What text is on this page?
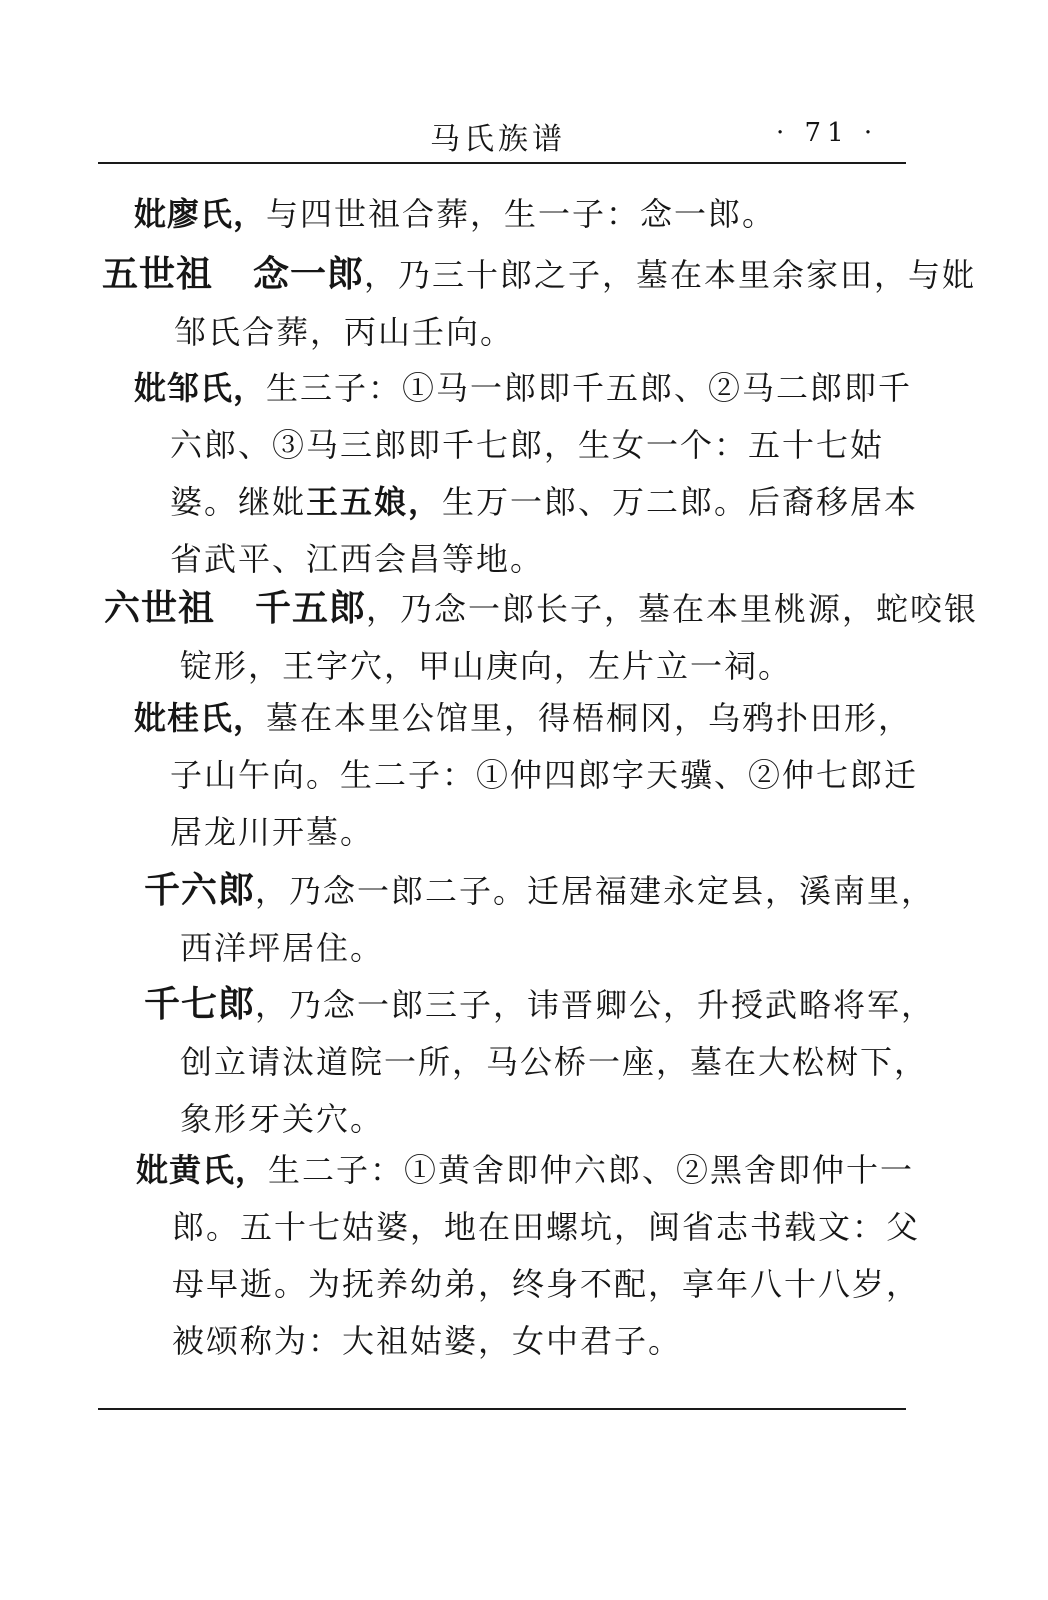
马氏族谱	· 71 ·

妣廖氏，与四世祖合葬，生一子：念一郎。

五世祖 念一郎，乃三十郎之子，墓在本里余家田，与妣邹氏合葬，丙山壬向。

妣邹氏，生三子：①马一郎即千五郎、②马二郎即千六郎、③马三郎即千七郎，生女一个：五十七姑婆。继妣王五娘，生万一郎、万二郎。后裔移居本省武平、江西会昌等地。

六世祖 千五郎，乃念一郎长子，墓在本里桃源，蛇咬银锭形，王字穴，甲山庚向，左片立一祠。

妣桂氏，墓在本里公馆里，得梧桐冈，乌鸦扑田形，子山午向。生二子：①仲四郎字天骥、②仲七郎迁居龙川开墓。

千六郎，乃念一郎二子。迁居福建永定县，溪南里，西洋坪居住。

千七郎，乃念一郎三子，讳晋卿公，升授武略将军，创立请汰道院一所，马公桥一座，墓在大松树下，象形牙关穴。

妣黄氏，生二子：①黄舍即仲六郎、②黑舍即仲十一郎。五十七姑婆，地在田螺坑，闽省志书载文：父母早逝。为抚养幼弟，终身不配，享年八十八岁，被颂称为：大祖姑婆，女中君子。
